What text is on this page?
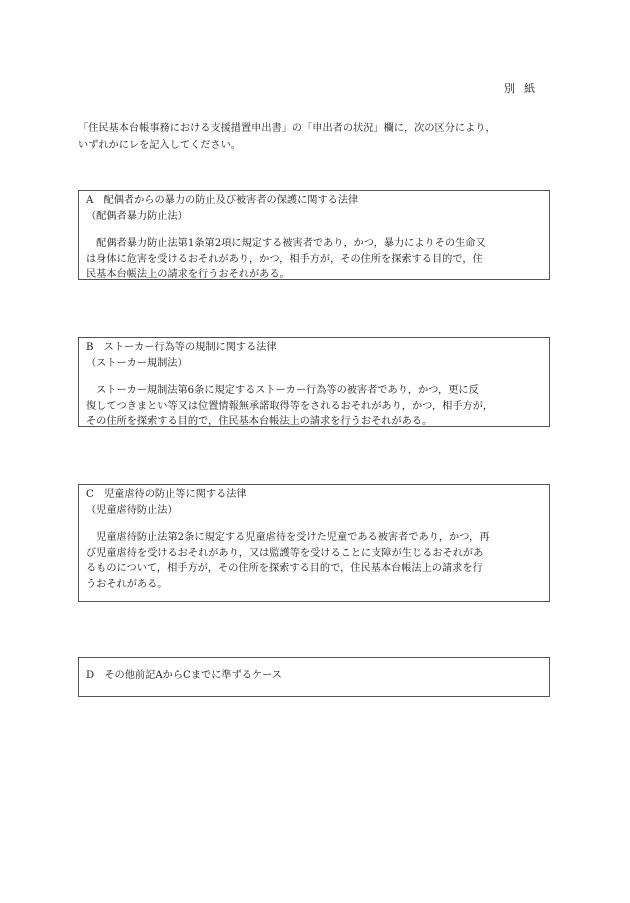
別紙
「住民基本台帳事務における支援措置申出書」の「申出者の状況」欄に，次の区分により，
いずれかにレを記入してください。
A　配偶者からの暴力の防止及び被害者の保護に関する法律
（配偶者暴力防止法）
　配偶者暴力防止法第1条第2項に規定する被害者であり，かつ，暴力によりその生命又
は身体に危害を受けるおそれがあり，かつ，相手方が，その住所を探索する目的で，住
民基本台帳法上の請求を行うおそれがある。
B　ストーカー行為等の規制に関する法律
（ストーカー規制法）
　ストーカー規制法第6条に規定するストーカー行為等の被害者であり，かつ，更に反
復してつきまとい等又は位置情報無承諾取得等をされるおそれがあり，かつ，相手方が，
その住所を探索する目的で，住民基本台帳法上の請求を行うおそれがある。
C　児童虐待の防止等に関する法律
（児童虐待防止法）
　児童虐待防止法第2条に規定する児童虐待を受けた児童である被害者であり，かつ，再
び児童虐待を受けるおそれがあり，又は監護等を受けることに支障が生じるおそれがあ
るものについて，相手方が，その住所を探索する目的で，住民基本台帳法上の請求を行
うおそれがある。
D　その他前記AからCまでに準ずるケース
